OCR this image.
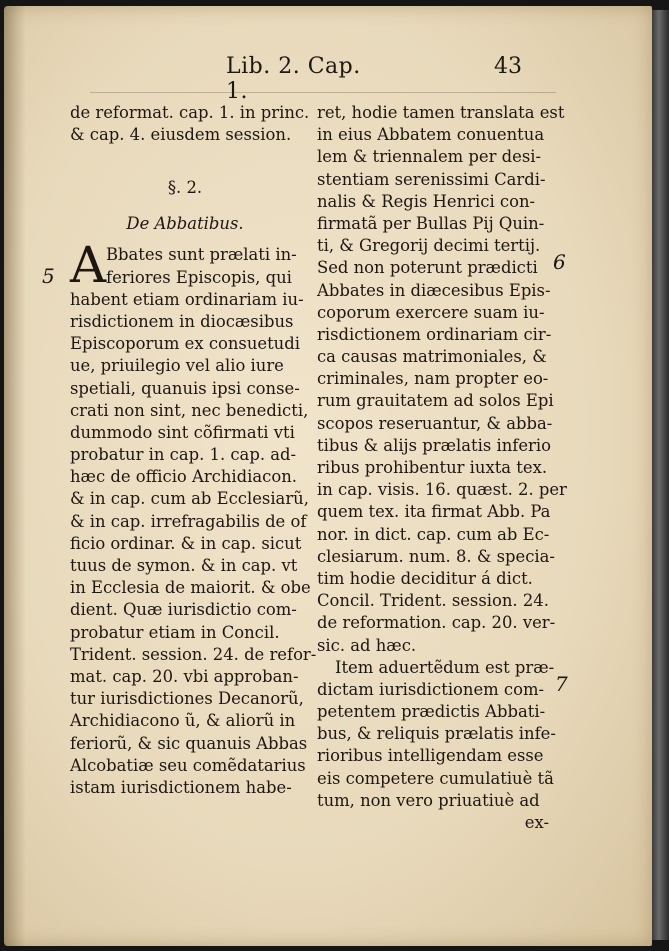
Lib. 2. Cap. 1.
43
5
6
7
de reformat. cap. 1. in princ.
& cap. 4. eiusdem session.
§. 2.
De Abbatibus.
A Bbates sunt prælati in-
feriores Episcopis, qui
habent etiam ordinariam iu-
risdictionem in diocæsibus
Episcoporum ex consuetudi
ue, priuilegio vel alio iure
spetiali, quanuis ipsi conse-
crati non sint, nec benedicti,
dummodo sint cõfirmati vti
probatur in cap. 1. cap. ad-
hæc de officio Archidiacon.
& in cap. cum ab Ecclesiarũ,
& in cap. irrefragabilis de of
ficio ordinar. & in cap. sicut
tuus de symon. & in cap. vt
in Ecclesia de maiorit. & obe
dient. Quæ iurisdictio com-
probatur etiam in Concil.
Trident. session. 24. de refor-
mat. cap. 20. vbi approban-
tur iurisdictiones Decanorũ,
Archidiacono ũ, & aliorũ in
feriorũ, & sic quanuis Abbas
Alcobatiæ seu comẽdatarius
istam iurisdictionem habe-
ret, hodie tamen translata est
in eius Abbatem conuentua
lem & triennalem per desi-
stentiam serenissimi Cardi-
nalis & Regis Henrici con-
firmatã per Bullas Pij Quin-
ti, & Gregorij decimi tertij.
Sed non poterunt prædicti
Abbates in diæcesibus Epis-
coporum exercere suam iu-
risdictionem ordinariam cir-
ca causas matrimoniales, &
criminales, nam propter eo-
rum grauitatem ad solos Epi
scopos reseruantur, & abba-
tibus & alijs prælatis inferio
ribus prohibentur iuxta tex.
in cap. visis. 16. quæst. 2. per
quem tex. ita firmat Abb. Pa
nor. in dict. cap. cum ab Ec-
clesiarum. num. 8. & specia-
tim hodie deciditur á dict.
Concil. Trident. session. 24.
de reformation. cap. 20. ver-
sic. ad hæc.
Item aduertẽdum est præ-
dictam iurisdictionem com-
petentem prædictis Abbati-
bus, & reliquis prælatis infe-
rioribus intelligendam esse
eis competere cumulatiuè tã
tum, non vero priuatiuè ad
ex-
